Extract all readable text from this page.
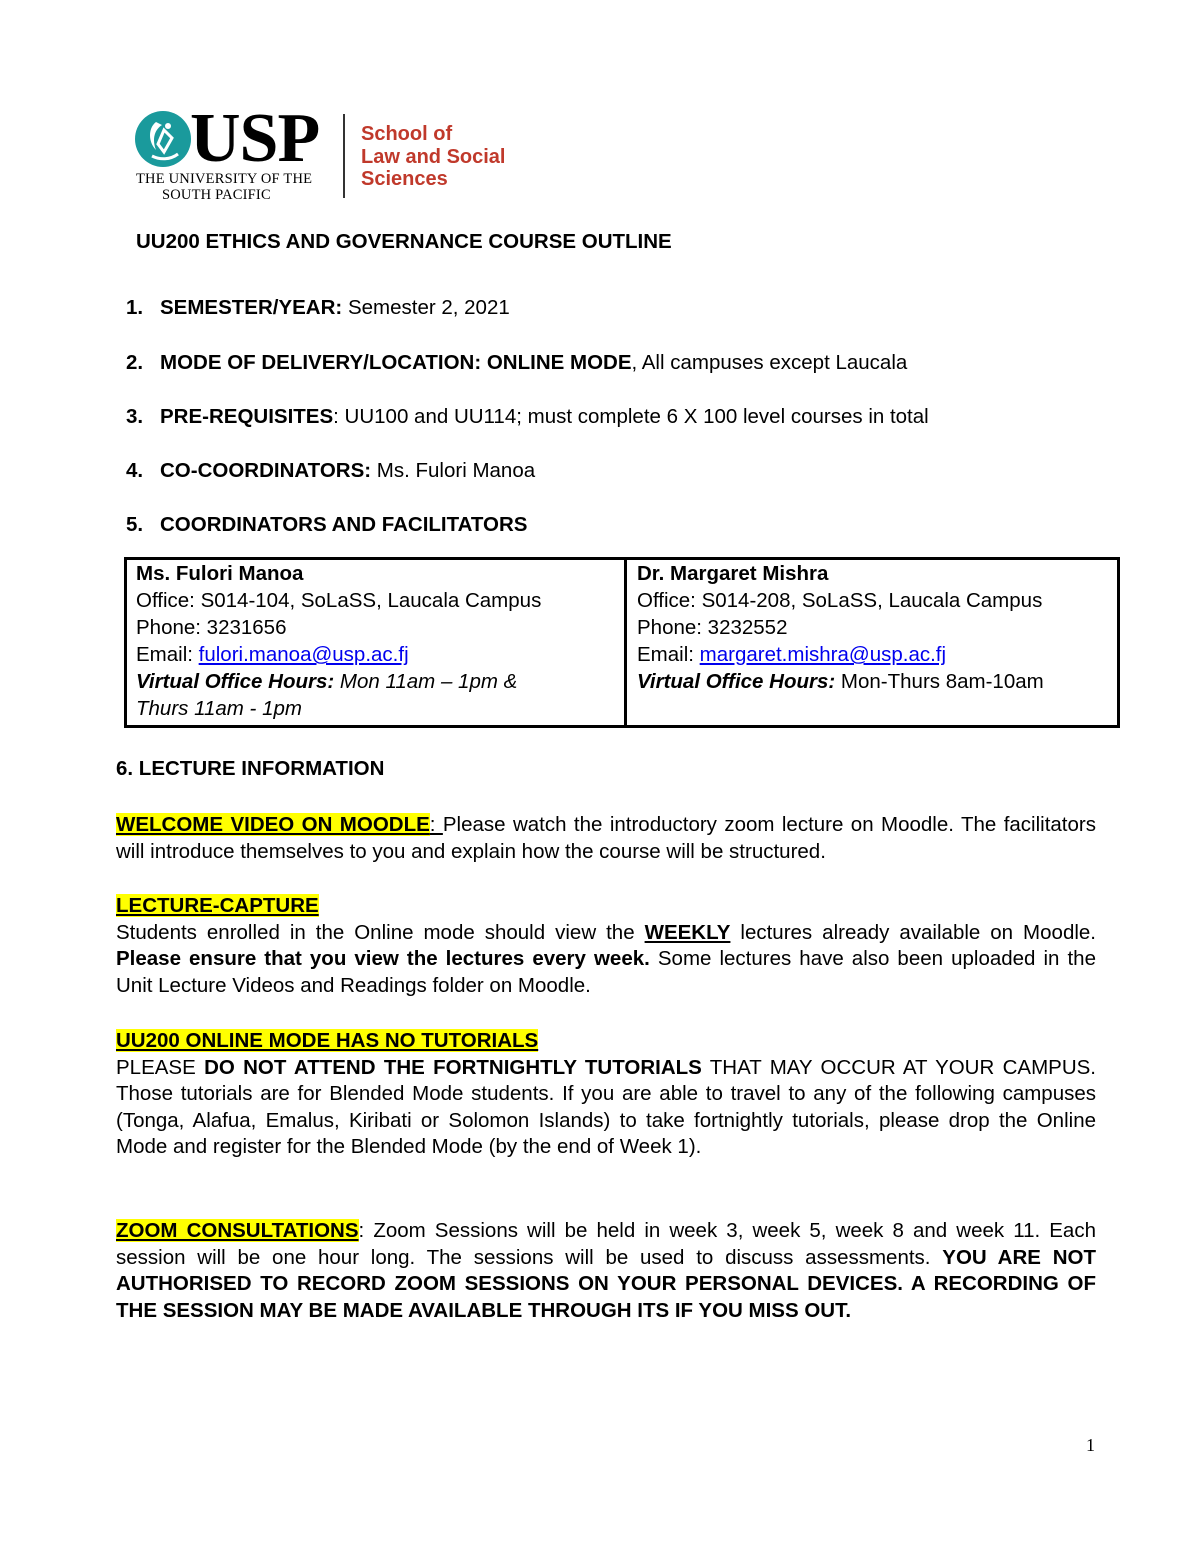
USP
THE UNIVERSITY OF THE
SOUTH PACIFIC
School of
Law and Social
Sciences
UU200 ETHICS AND GOVERNANCE COURSE OUTLINE
1. SEMESTER/YEAR: Semester 2, 2021
2. MODE OF DELIVERY/LOCATION: ONLINE MODE, All campuses except Laucala
3. PRE-REQUISITES: UU100 and UU114; must complete 6 X 100 level courses in total
4. CO-COORDINATORS: Ms. Fulori Manoa
5. COORDINATORS AND FACILITATORS
Ms. Fulori Manoa
Office: S014-104, SoLaSS, Laucala Campus
Phone: 3231656
Email: fulori.manoa@usp.ac.fj
Virtual Office Hours: Mon 11am – 1pm &
Thurs 11am - 1pm
Dr. Margaret Mishra
Office: S014-208, SoLaSS, Laucala Campus
Phone: 3232552
Email: margaret.mishra@usp.ac.fj
Virtual Office Hours: Mon-Thurs 8am-10am
6. LECTURE INFORMATION
WELCOME VIDEO ON MOODLE: Please watch the introductory zoom lecture on Moodle. The facilitators will introduce themselves to you and explain how the course will be structured.
LECTURE-CAPTURE
Students enrolled in the Online mode should view the WEEKLY lectures already available on Moodle. Please ensure that you view the lectures every week. Some lectures have also been uploaded in the Unit Lecture Videos and Readings folder on Moodle.
UU200 ONLINE MODE HAS NO TUTORIALS
PLEASE DO NOT ATTEND THE FORTNIGHTLY TUTORIALS THAT MAY OCCUR AT YOUR CAMPUS. Those tutorials are for Blended Mode students. If you are able to travel to any of the following campuses (Tonga, Alafua, Emalus, Kiribati or Solomon Islands) to take fortnightly tutorials, please drop the Online Mode and register for the Blended Mode (by the end of Week 1).
ZOOM CONSULTATIONS: Zoom Sessions will be held in week 3, week 5, week 8 and week 11. Each session will be one hour long. The sessions will be used to discuss assessments. YOU ARE NOT AUTHORISED TO RECORD ZOOM SESSIONS ON YOUR PERSONAL DEVICES. A RECORDING OF THE SESSION MAY BE MADE AVAILABLE THROUGH ITS IF YOU MISS OUT.
1
